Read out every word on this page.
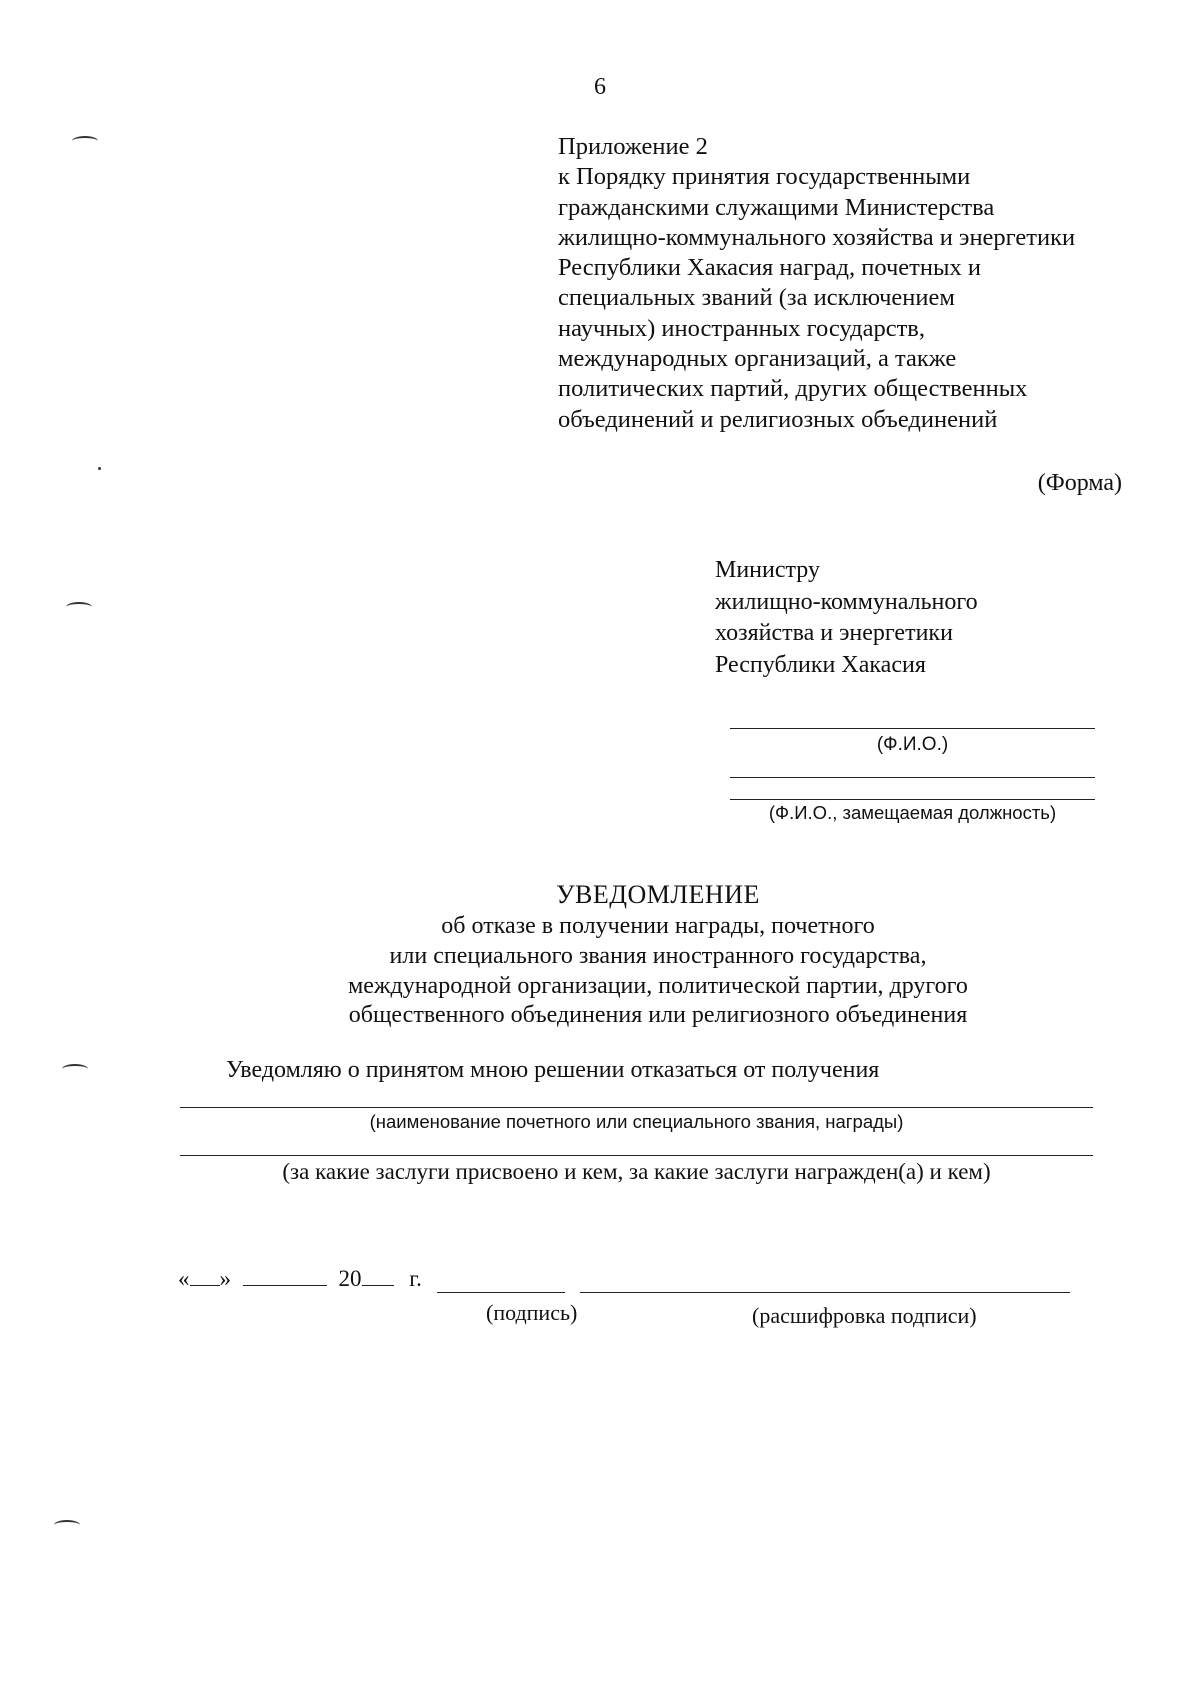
6
Приложение 2
к Порядку принятия государственными
гражданскими служащими Министерства
жилищно-коммунального хозяйства и энергетики
Республики Хакасия наград, почетных и
специальных званий (за исключением
научных) иностранных государств,
международных организаций, а также
политических партий, других общественных
объединений и религиозных объединений
(Форма)
Министру
жилищно-коммунального
хозяйства и энергетики
Республики Хакасия
(Ф.И.О.)
(Ф.И.О., замещаемая должность)
УВЕДОМЛЕНИЕ
об отказе в получении награды, почетного
или специального звания иностранного государства,
международной организации, политической партии, другого
общественного объединения или религиозного объединения
Уведомляю о принятом мною решении отказаться от получения
(наименование почетного или специального звания, награды)
(за какие заслуги присвоено и кем, за какие заслуги награжден(а) и кем)
« »	20 г.
(подпись)	(расшифровка подписи)
